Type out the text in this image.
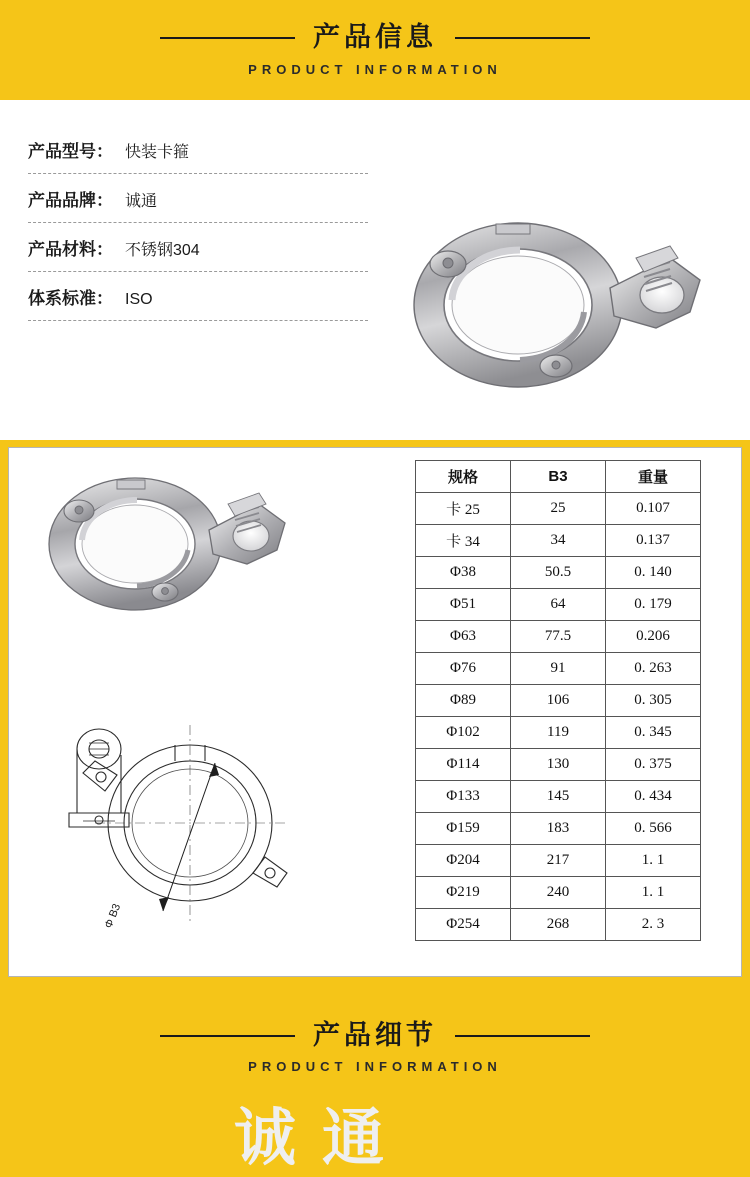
产品信息
PRODUCT INFORMATION
产品型号： 快装卡箍
产品品牌： 诚通
产品材料： 不锈钢304
体系标准： ISO
诚通
Φ B3
规格	B3	重量
卡 25	25	0.107
卡 34	34	0.137
Φ38	50.5	0. 140
Φ51	64	0. 179
Φ63	77.5	0.206
Φ76	91	0. 263
Φ89	106	0. 305
Φ102	119	0. 345
Φ114	130	0. 375
Φ133	145	0. 434
Φ159	183	0. 566
Φ204	217	1. 1
Φ219	240	1. 1
Φ254	268	2. 3
产品细节
PRODUCT INFORMATION
